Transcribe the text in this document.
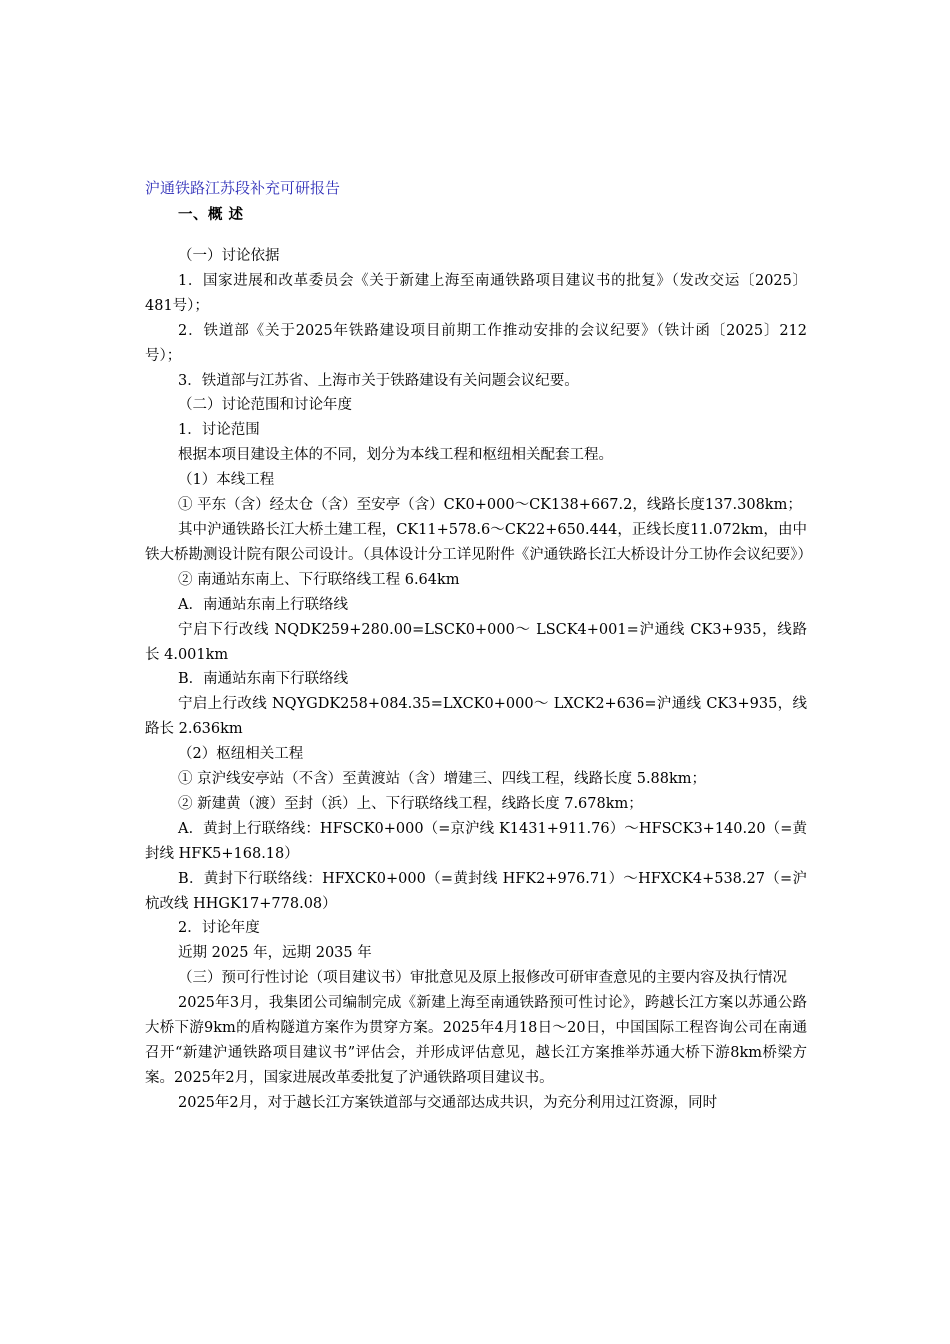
沪通铁路江苏段补充可研报告
一、概 述

（一）讨论依据

1．国家进展和改革委员会《关于新建上海至南通铁路项目建议书的批复》（发改交运〔2025〕481号）；

2．铁道部《关于2025年铁路建设项目前期工作推动安排的会议纪要》（铁计函〔2025〕212号）；

3．铁道部与江苏省、上海市关于铁路建设有关问题会议纪要。

（二）讨论范围和讨论年度

1．讨论范围

根据本项目建设主体的不同，划分为本线工程和枢纽相关配套工程。

（1）本线工程

① 平东（含）经太仓（含）至安亭（含）CK0+000～CK138+667.2，线路长度137.308km；

其中沪通铁路长江大桥土建工程，CK11+578.6～CK22+650.444，正线长度11.072km，由中铁大桥勘测设计院有限公司设计。（具体设计分工详见附件《沪通铁路长江大桥设计分工协作会议纪要》）

② 南通站东南上、下行联络线工程 6.64km

A．南通站东南上行联络线

宁启下行改线 NQDK259+280.00=LSCK0+000～ LSCK4+001=沪通线 CK3+935，线路长 4.001km

B．南通站东南下行联络线

宁启上行改线 NQYGDK258+084.35=LXCK0+000～ LXCK2+636=沪通线 CK3+935，线路长 2.636km

（2）枢纽相关工程

① 京沪线安亭站（不含）至黄渡站（含）增建三、四线工程，线路长度 5.88km；

② 新建黄（渡）至封（浜）上、下行联络线工程，线路长度 7.678km；

A．黄封上行联络线：HFSCK0+000（=京沪线 K1431+911.76）～HFSCK3+140.20（=黄封线 HFK5+168.18）

B．黄封下行联络线：HFXCK0+000（=黄封线 HFK2+976.71）～HFXCK4+538.27（=沪杭改线 HHGK17+778.08）

2．讨论年度

近期 2025 年，远期 2035 年

（三）预可行性讨论（项目建议书）审批意见及原上报修改可研审查意见的主要内容及执行情况

2025年3月，我集团公司编制完成《新建上海至南通铁路预可性讨论》，跨越长江方案以苏通公路大桥下游9km的盾构隧道方案作为贯穿方案。2025年4月18日～20日，中国国际工程咨询公司在南通召开“新建沪通铁路项目建议书”评估会，并形成评估意见，越长江方案推举苏通大桥下游8km桥梁方案。2025年2月，国家进展改革委批复了沪通铁路项目建议书。

2025年2月，对于越长江方案铁道部与交通部达成共识，为充分利用过江资源，同时
